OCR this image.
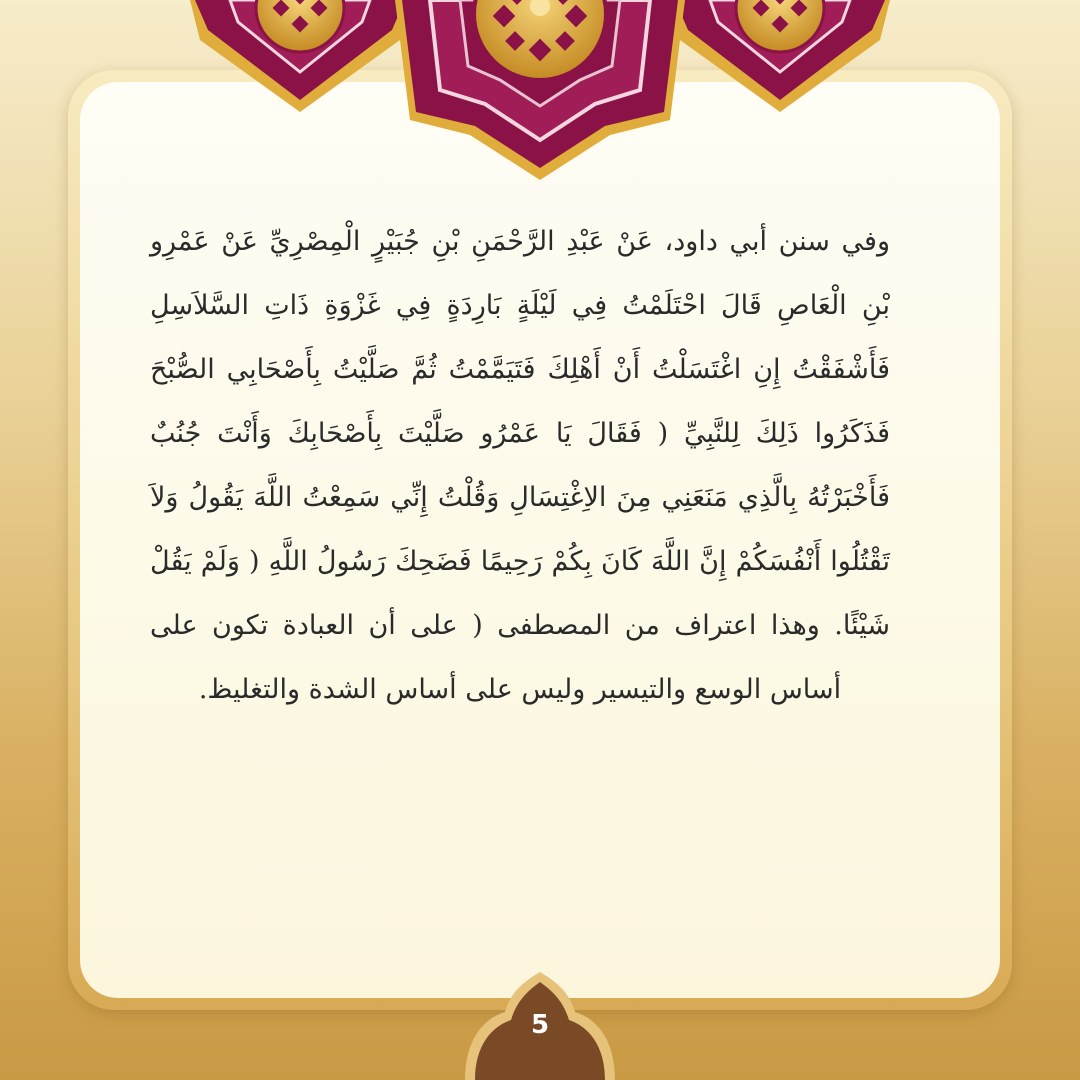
وفي سنن أبي داود، عَنْ عَبْدِ الرَّحْمَنِ بْنِ جُبَيْرٍ الْمِصْرِيِّ عَنْ عَمْرِو بْنِ الْعَاصِ قَالَ احْتَلَمْتُ فِي لَيْلَةٍ بَارِدَةٍ فِي غَزْوَةِ ذَاتِ السَّلاَسِلِ فَأَشْفَقْتُ إِنِ اغْتَسَلْتُ أَنْ أَهْلِكَ فَتَيَمَّمْتُ ثُمَّ صَلَّيْتُ بِأَصْحَابِي الصُّبْحَ فَذَكَرُوا ذَلِكَ لِلنَّبِيِّ ( فَقَالَ يَا عَمْرُو صَلَّيْتَ بِأَصْحَابِكَ وَأَنْتَ جُنُبٌ فَأَخْبَرْتُهُ بِالَّذِي مَنَعَنِي مِنَ الاِغْتِسَالِ وَقُلْتُ إِنِّي سَمِعْتُ اللَّهَ يَقُولُ وَلاَ تَقْتُلُوا أَنْفُسَكُمْ إِنَّ اللَّهَ كَانَ بِكُمْ رَحِيمًا فَضَحِكَ رَسُولُ اللَّهِ ( وَلَمْ يَقُلْ شَيْئًا. وهذا اعتراف من المصطفى ( على أن العبادة تكون على أساس الوسع والتيسير وليس على أساس الشدة والتغليظ.

5
